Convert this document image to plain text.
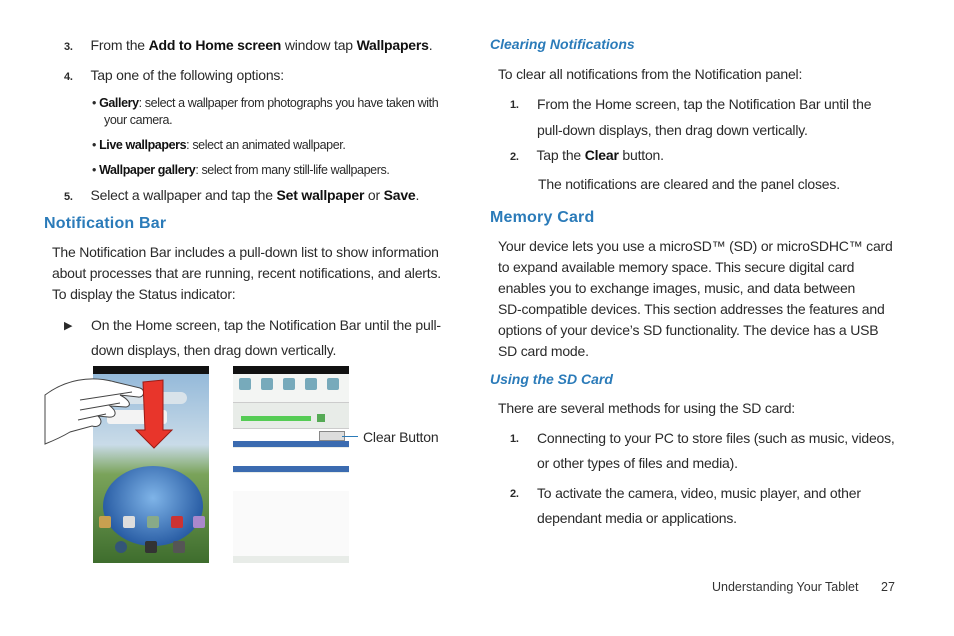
3. From the Add to Home screen window tap Wallpapers.
4. Tap one of the following options:
• Gallery: select a wallpaper from photographs you have taken with
your camera.
• Live wallpapers: select an animated wallpaper.
• Wallpaper gallery: select from many still-life wallpapers.
5. Select a wallpaper and tap the Set wallpaper or Save.
Notification Bar
The Notification Bar includes a pull-down list to show information
about processes that are running, recent notifications, and alerts.
To display the Status indicator:
▶ On the Home screen, tap the Notification Bar until the pull-
down displays, then drag down vertically.
Clear Button
Clearing Notifications
To clear all notifications from the Notification panel:
1. From the Home screen, tap the Notification Bar until the
pull-down displays, then drag down vertically.
2. Tap the Clear button.
The notifications are cleared and the panel closes.
Memory Card
Your device lets you use a microSD™ (SD) or microSDHC™ card
to expand available memory space. This secure digital card
enables you to exchange images, music, and data between
SD-compatible devices. This section addresses the features and
options of your device’s SD functionality. The device has a USB
SD card mode.
Using the SD Card
There are several methods for using the SD card:
1. Connecting to your PC to store files (such as music, videos,
or other types of files and media).
2. To activate the camera, video, music player, and other
dependant media or applications.
Understanding Your Tablet 27
